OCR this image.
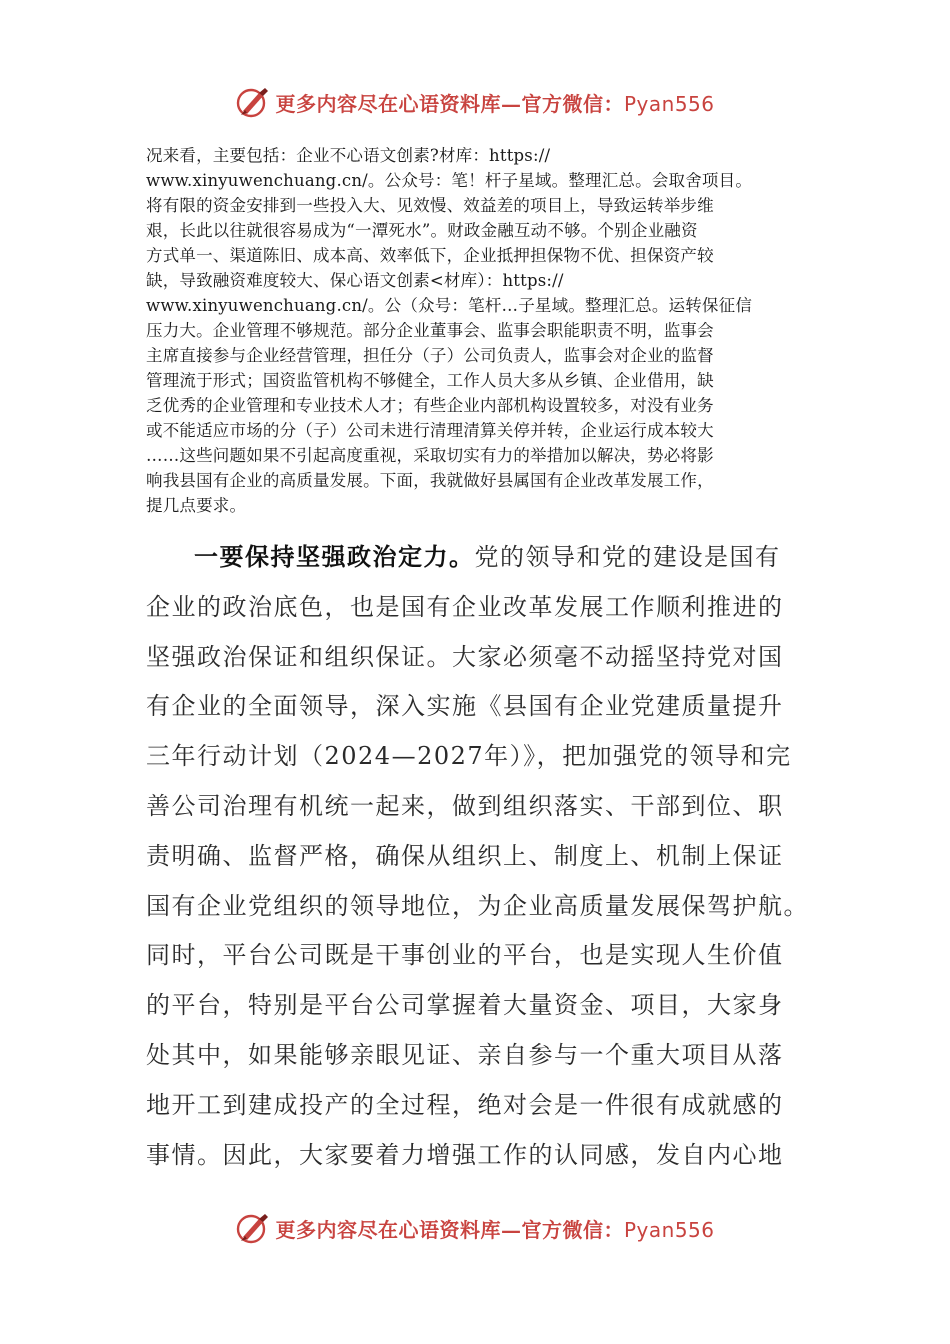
更多内容尽在心语资料库—官方微信：Pyan556
况来看，主要包括：企业不心语文创素?材库：https://
www.xinyuwenchuang.cn/。公众号：笔！杆子星域。整理汇总。会取舍项目。
将有限的资金安排到一些投入大、见效慢、效益差的项目上，导致运转举步维
艰，长此以往就很容易成为“一潭死水”。财政金融互动不够。个别企业融资
方式单一、渠道陈旧、成本高、效率低下，企业抵押担保物不优、担保资产较
缺，导致融资难度较大、保心语文创素<材库）：https://
www.xinyuwenchuang.cn/。公（众号：笔杆…子星域。整理汇总。运转保征信
压力大。企业管理不够规范。部分企业董事会、监事会职能职责不明，监事会
主席直接参与企业经营管理，担任分（子）公司负责人，监事会对企业的监督
管理流于形式；国资监管机构不够健全，工作人员大多从乡镇、企业借用，缺
乏优秀的企业管理和专业技术人才；有些企业内部机构设置较多，对没有业务
或不能适应市场的分（子）公司未进行清理清算关停并转，企业运行成本较大
……这些问题如果不引起高度重视，采取切实有力的举措加以解决，势必将影
响我县国有企业的高质量发展。下面，我就做好县属国有企业改革发展工作，
提几点要求。
一要保持坚强政治定力。党的领导和党的建设是国有
企业的政治底色，也是国有企业改革发展工作顺利推进的
坚强政治保证和组织保证。大家必须毫不动摇坚持党对国
有企业的全面领导，深入实施《县国有企业党建质量提升
三年行动计划（2024—2027年）》，把加强党的领导和完
善公司治理有机统一起来，做到组织落实、干部到位、职
责明确、监督严格，确保从组织上、制度上、机制上保证
国有企业党组织的领导地位，为企业高质量发展保驾护航。
同时，平台公司既是干事创业的平台，也是实现人生价值
的平台，特别是平台公司掌握着大量资金、项目，大家身
处其中，如果能够亲眼见证、亲自参与一个重大项目从落
地开工到建成投产的全过程，绝对会是一件很有成就感的
事情。因此，大家要着力增强工作的认同感，发自内心地
更多内容尽在心语资料库—官方微信：Pyan556
